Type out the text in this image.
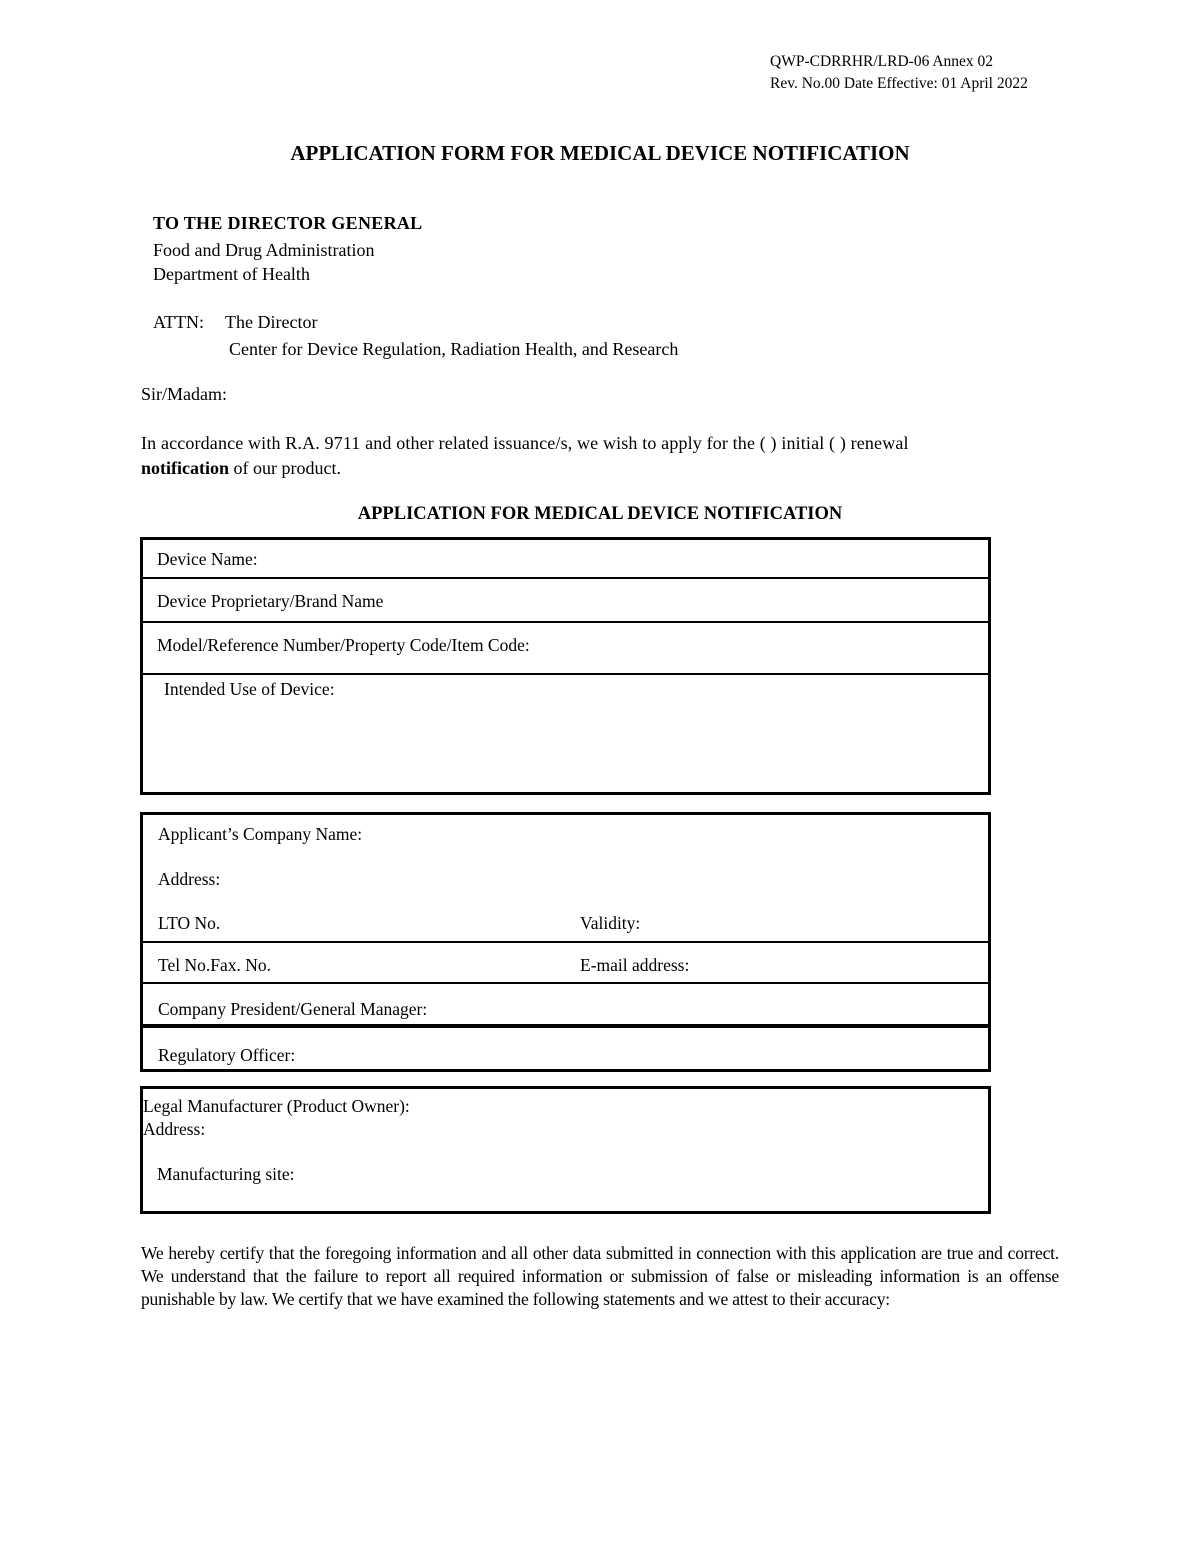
QWP-CDRRHR/LRD-06 Annex 02
Rev. No.00 Date Effective: 01 April 2022
APPLICATION FORM FOR MEDICAL DEVICE NOTIFICATION
TO THE DIRECTOR GENERAL
Food and Drug Administration
Department of Health
ATTN: The Director
Center for Device Regulation, Radiation Health, and Research
Sir/Madam:
In accordance with R.A. 9711 and other related issuance/s, we wish to apply for the ( ) initial ( ) renewal
notification of our product.
APPLICATION FOR MEDICAL DEVICE NOTIFICATION
Device Name:
Device Proprietary/Brand Name
Model/Reference Number/Property Code/Item Code:
Intended Use of Device:
Applicant’s Company Name:
Address:
LTO No.	Validity:
Tel No.Fax. No.	E-mail address:
Company President/General Manager:
Regulatory Officer:
Legal Manufacturer (Product Owner):
Address:
Manufacturing site:
We hereby certify that the foregoing information and all other data submitted in connection with this application are true and correct. We understand that the failure to report all required information or submission of false or misleading information is an offense punishable by law. We certify that we have examined the following statements and we attest to their accuracy:
